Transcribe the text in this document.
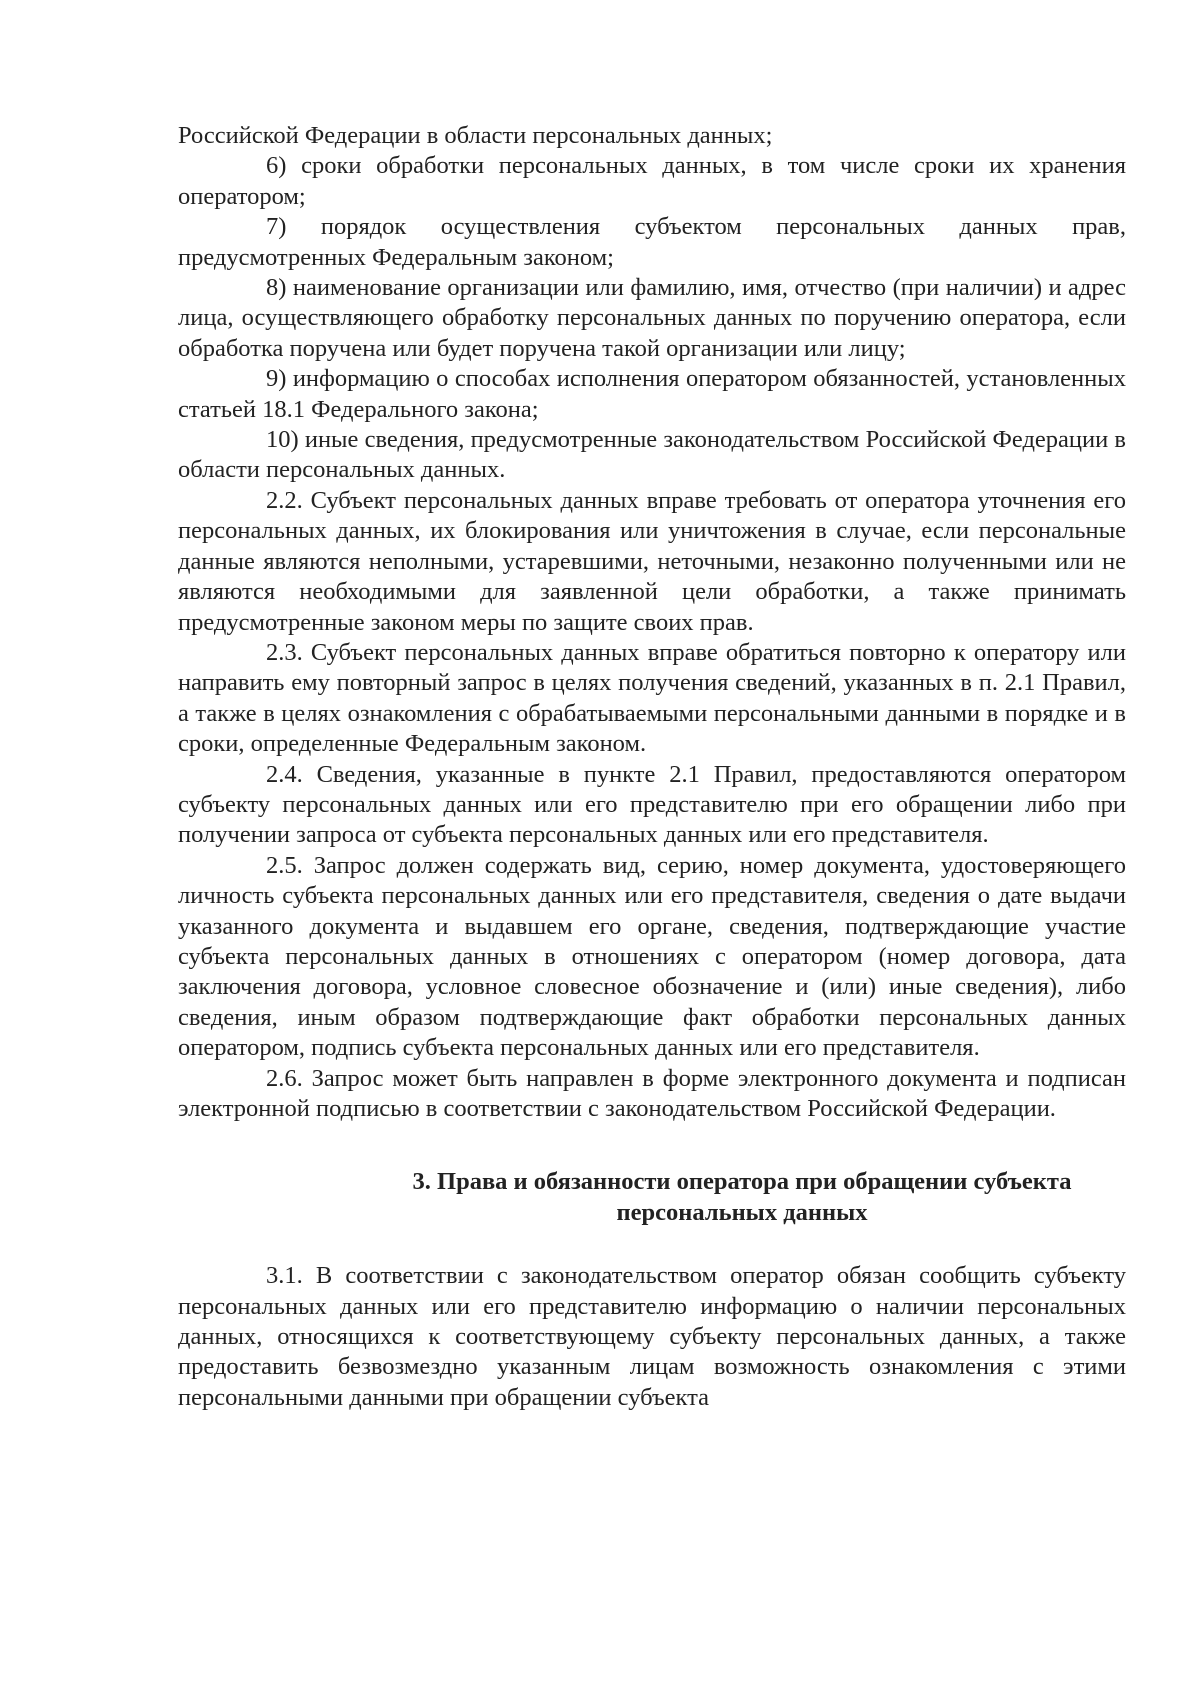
Российской Федерации в области персональных данных;

6) сроки обработки персональных данных, в том числе сроки их хранения оператором;

7) порядок осуществления субъектом персональных данных прав, предусмотренных Федеральным законом;

8) наименование организации или фамилию, имя, отчество (при наличии) и адрес лица, осуществляющего обработку персональных данных по поручению оператора, если обработка поручена или будет поручена такой организации или лицу;

9) информацию о способах исполнения оператором обязанностей, установленных статьей 18.1 Федерального закона;

10) иные сведения, предусмотренные законодательством Российской Федерации в области персональных данных.

2.2. Субъект персональных данных вправе требовать от оператора уточнения его персональных данных, их блокирования или уничтожения в случае, если персональные данные являются неполными, устаревшими, неточными, незаконно полученными или не являются необходимыми для заявленной цели обработки, а также принимать предусмотренные законом меры по защите своих прав.

2.3. Субъект персональных данных вправе обратиться повторно к оператору или направить ему повторный запрос в целях получения сведений, указанных в п. 2.1 Правил, а также в целях ознакомления с обрабатываемыми персональными данными в порядке и в сроки, определенные Федеральным законом.

2.4. Сведения, указанные в пункте 2.1 Правил, предоставляются оператором субъекту персональных данных или его представителю при его обращении либо при получении запроса от субъекта персональных данных или его представителя.

2.5. Запрос должен содержать вид, серию, номер документа, удостоверяющего личность субъекта персональных данных или его представителя, сведения о дате выдачи указанного документа и выдавшем его органе, сведения, подтверждающие участие субъекта персональных данных в отношениях с оператором (номер договора, дата заключения договора, условное словесное обозначение и (или) иные сведения), либо сведения, иным образом подтверждающие факт обработки персональных данных оператором, подпись субъекта персональных данных или его представителя.

2.6. Запрос может быть направлен в форме электронного документа и подписан электронной подписью в соответствии с законодательством Российской Федерации.

3. Права и обязанности оператора при обращении субъекта
персональных данных

3.1. В соответствии с законодательством оператор обязан сообщить субъекту персональных данных или его представителю информацию о наличии персональных данных, относящихся к соответствующему субъекту персональных данных, а также предоставить безвозмездно указанным лицам возможность ознакомления с этими персональными данными при обращении субъекта
